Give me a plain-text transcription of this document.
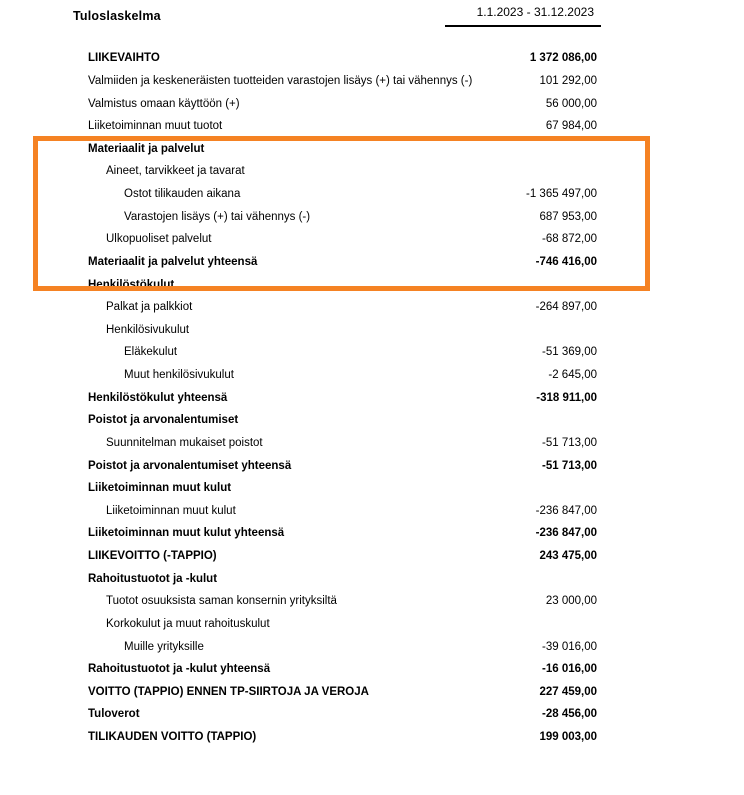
Tuloslaskelma	1.1.2023 - 31.12.2023
LIIKEVAIHTO	1 372 086,00
Valmiiden ja keskeneräisten tuotteiden varastojen lisäys (+) tai vähennys (-)	101 292,00
Valmistus omaan käyttöön (+)	56 000,00
Liiketoiminnan muut tuotot	67 984,00
Materiaalit ja palvelut
Aineet, tarvikkeet ja tavarat
Ostot tilikauden aikana	-1 365 497,00
Varastojen lisäys (+) tai vähennys (-)	687 953,00
Ulkopuoliset palvelut	-68 872,00
Materiaalit ja palvelut yhteensä	-746 416,00
Henkilöstökulut
Palkat ja palkkiot	-264 897,00
Henkilösivukulut
Eläkekulut	-51 369,00
Muut henkilösivukulut	-2 645,00
Henkilöstökulut yhteensä	-318 911,00
Poistot ja arvonalentumiset
Suunnitelman mukaiset poistot	-51 713,00
Poistot ja arvonalentumiset yhteensä	-51 713,00
Liiketoiminnan muut kulut
Liiketoiminnan muut kulut	-236 847,00
Liiketoiminnan muut kulut yhteensä	-236 847,00
LIIKEVOITTO (-TAPPIO)	243 475,00
Rahoitustuotot ja -kulut
Tuotot osuuksista saman konsernin yrityksiltä	23 000,00
Korkokulut ja muut rahoituskulut
Muille yrityksille	-39 016,00
Rahoitustuotot ja -kulut yhteensä	-16 016,00
VOITTO (TAPPIO) ENNEN TP-SIIRTOJA JA VEROJA	227 459,00
Tuloverot	-28 456,00
TILIKAUDEN VOITTO (TAPPIO)	199 003,00
